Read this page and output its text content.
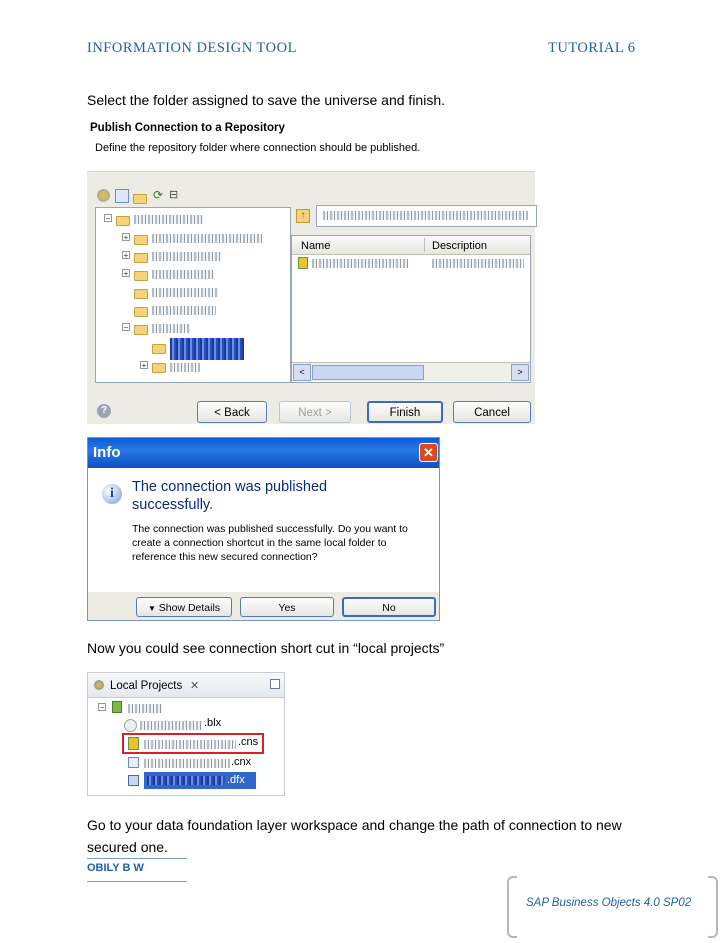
INFORMATION DESIGN TOOL	TUTORIAL 6
Select the folder assigned to save the universe and finish.
Publish Connection to a Repository
Define the repository folder where connection should be published.
⟳ ⊟
−
+
+
+
−
+
↑
Name	Description
<	>
?	< Back	Next >	Finish	Cancel
Info	✕
i	The connection was published successfully.
The connection was published successfully. Do you want to create a connection shortcut in the same local folder to reference this new secured connection?
▼ Show Details	Yes	No
Now you could see connection short cut in “local projects”
Local Projects ✕
−
.blx
.cns
.cnx
.dfx
Go to your data foundation layer workspace and change the path of connection to new secured one.
OBILY B W
SAP Business Objects 4.0 SP02
